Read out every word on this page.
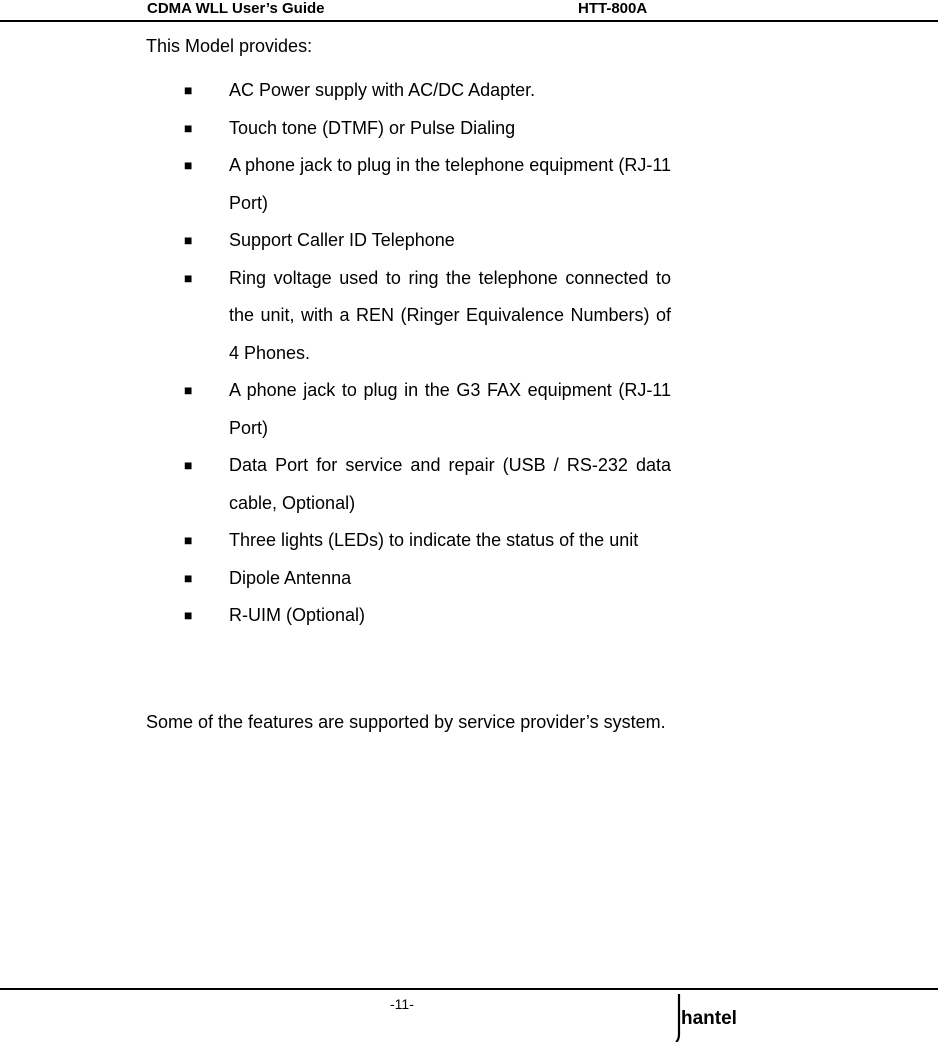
CDMA WLL User’s Guide	HTT-800A

This Model provides:

■ AC Power supply with AC/DC Adapter.
■ Touch tone (DTMF) or Pulse Dialing
■ A phone jack to plug in the telephone equipment (RJ-11 Port)
■ Support Caller ID Telephone
■ Ring voltage used to ring the telephone connected to the unit, with a REN (Ringer Equivalence Numbers) of 4 Phones.
■ A phone jack to plug in the G3 FAX equipment (RJ-11 Port)
■ Data Port for service and repair (USB / RS-232 data cable, Optional)
■ Three lights (LEDs) to indicate the status of the unit
■ Dipole Antenna
■ R-UIM (Optional)

Some of the features are supported by service provider’s system.

-11-
hantel
